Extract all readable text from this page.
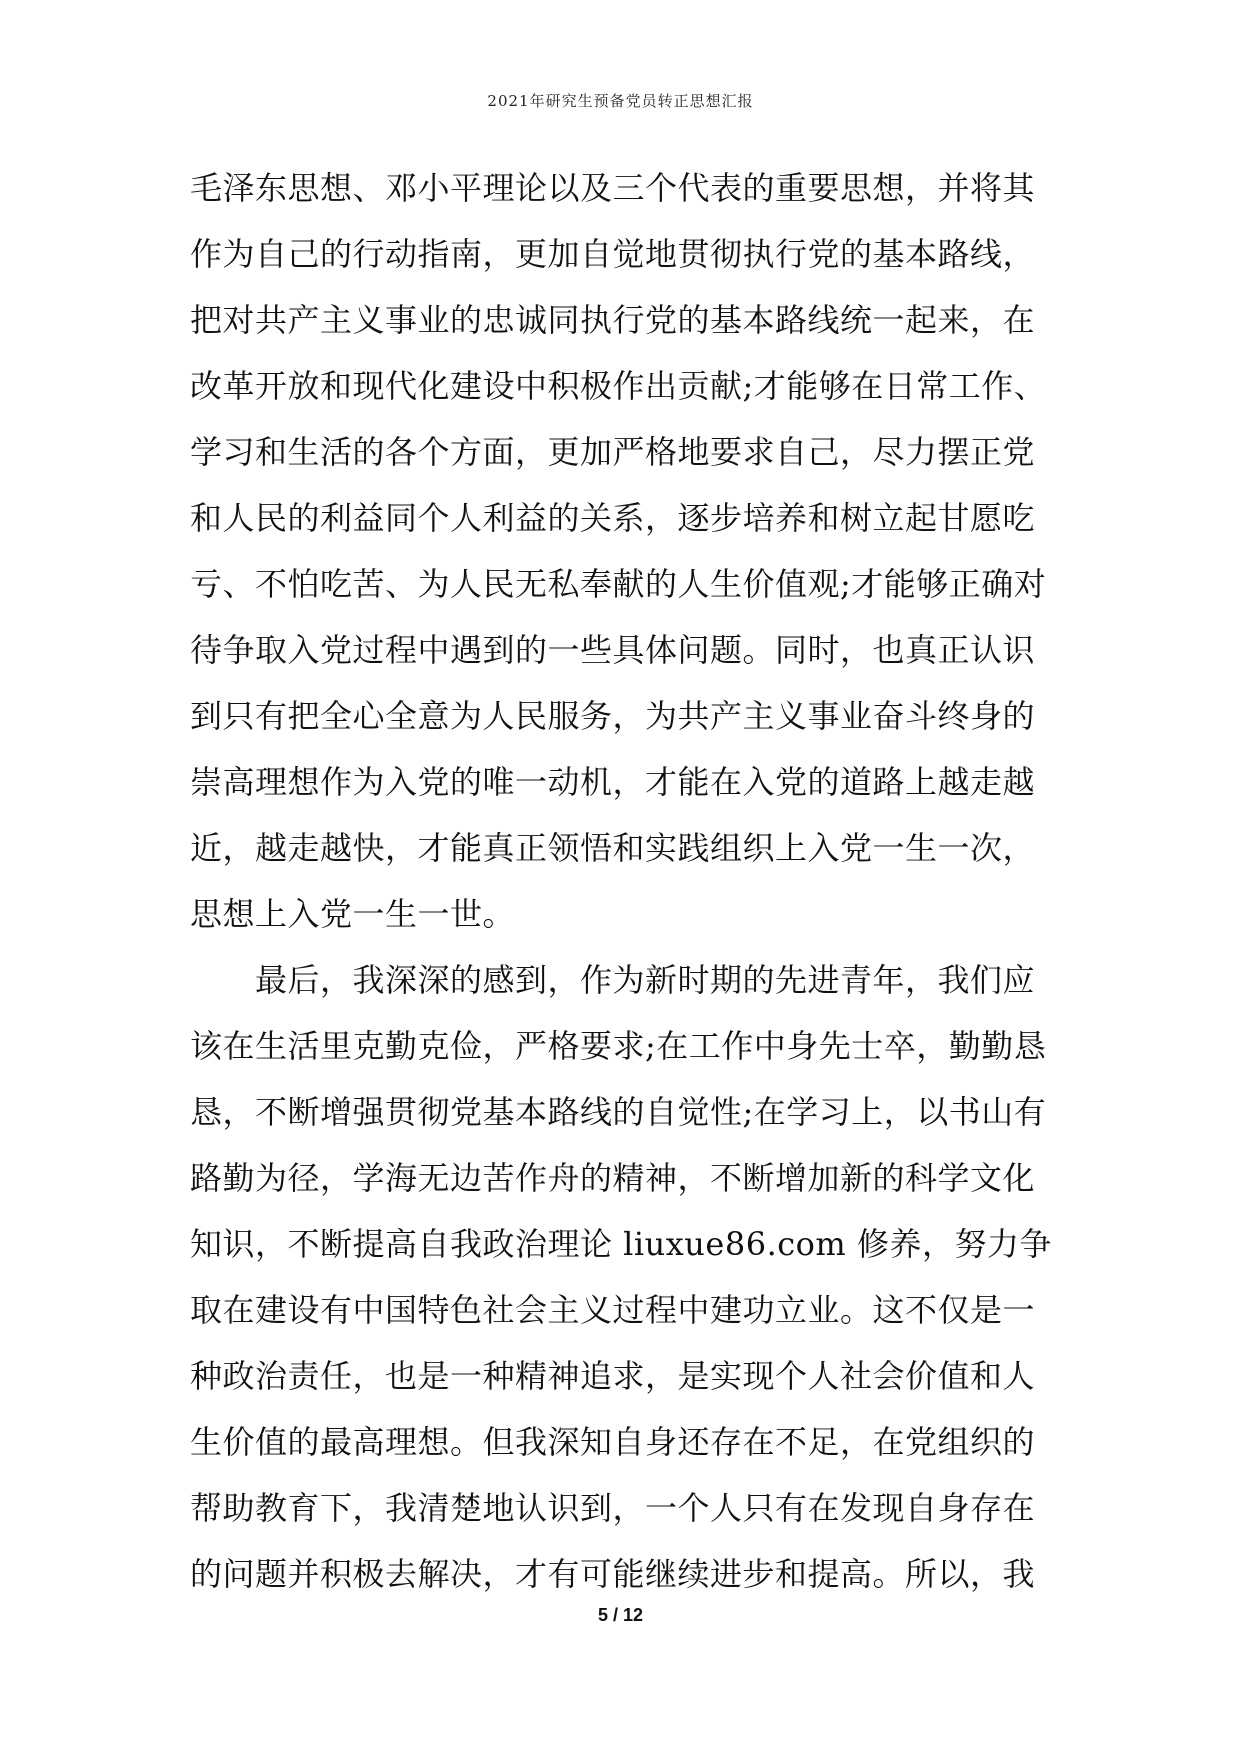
2021年研究生预备党员转正思想汇报
毛泽东思想、邓小平理论以及三个代表的重要思想，并将其
作为自己的行动指南，更加自觉地贯彻执行党的基本路线，
把对共产主义事业的忠诚同执行党的基本路线统一起来，在
改革开放和现代化建设中积极作出贡献;才能够在日常工作、
学习和生活的各个方面，更加严格地要求自己，尽力摆正党
和人民的利益同个人利益的关系，逐步培养和树立起甘愿吃
亏、不怕吃苦、为人民无私奉献的人生价值观;才能够正确对
待争取入党过程中遇到的一些具体问题。同时，也真正认识
到只有把全心全意为人民服务，为共产主义事业奋斗终身的
崇高理想作为入党的唯一动机，才能在入党的道路上越走越
近，越走越快，才能真正领悟和实践组织上入党一生一次，
思想上入党一生一世。
　　最后，我深深的感到，作为新时期的先进青年，我们应
该在生活里克勤克俭，严格要求;在工作中身先士卒，勤勤恳
恳，不断增强贯彻党基本路线的自觉性;在学习上，以书山有
路勤为径，学海无边苦作舟的精神，不断增加新的科学文化
知识，不断提高自我政治理论 liuxue86.com 修养，努力争
取在建设有中国特色社会主义过程中建功立业。这不仅是一
种政治责任，也是一种精神追求，是实现个人社会价值和人
生价值的最高理想。但我深知自身还存在不足，在党组织的
帮助教育下，我清楚地认识到，一个人只有在发现自身存在
的问题并积极去解决，才有可能继续进步和提高。所以，我
5 / 12
